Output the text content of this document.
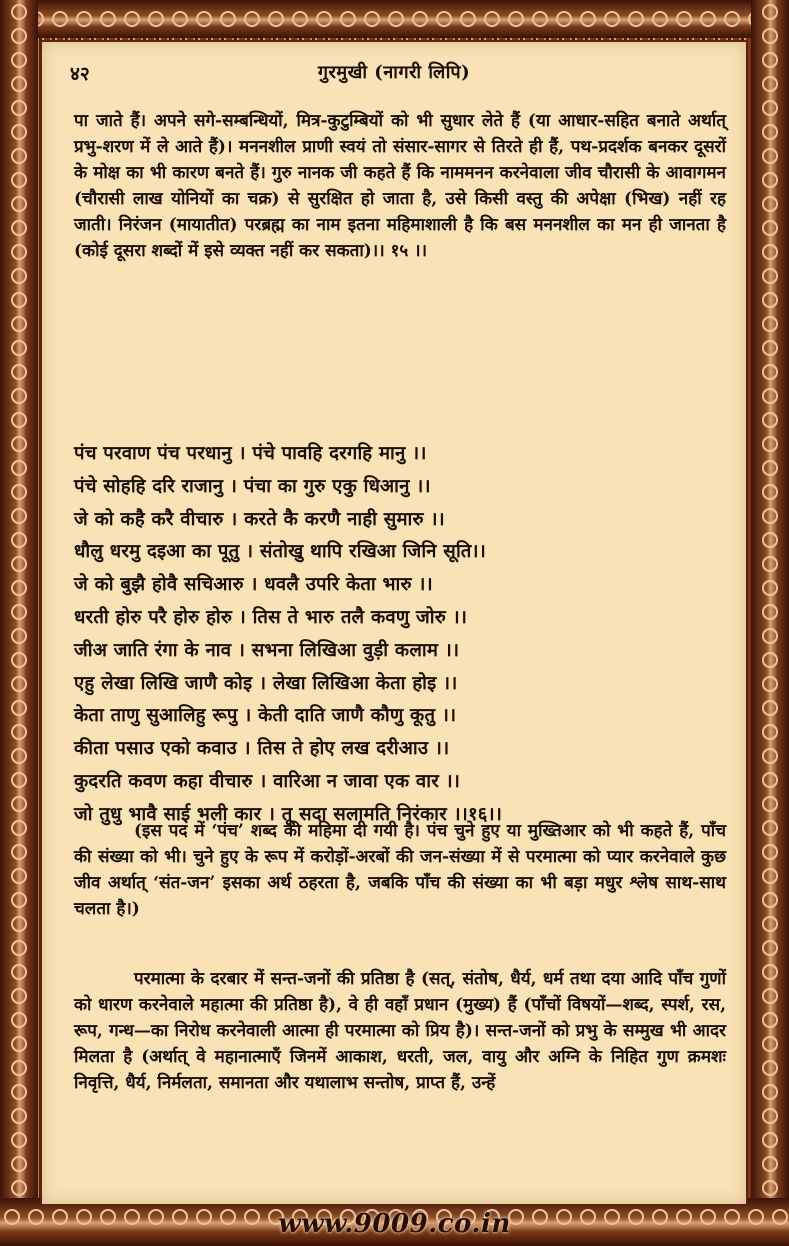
www.9009.co.in
४२	गुरमुखी (नागरी लिपि)
पा जाते हैं। अपने सगे-सम्बन्धियों, मित्र-कुटुम्बियों को भी सुधार लेते हैं (या आधार-सहित बनाते अर्थात् प्रभु-शरण में ले आते हैं)। मननशील प्राणी स्वयं तो संसार-सागर से तिरते ही हैं, पथ-प्रदर्शक बनकर दूसरों के मोक्ष का भी कारण बनते हैं। गुरु नानक जी कहते हैं कि नाममनन करनेवाला जीव चौरासी के आवागमन (चौरासी लाख योनियों का चक्र) से सुरक्षित हो जाता है, उसे किसी वस्तु की अपेक्षा (भिख) नहीं रह जाती। निरंजन (मायातीत) परब्रह्म का नाम इतना महिमाशाली है कि बस मननशील का मन ही जानता है (कोई दूसरा शब्दों में इसे व्यक्त नहीं कर सकता)।। १५ ।।
पंच परवाण पंच परधानु । पंचे पावहि दरगहि मानु ।।
पंचे सोहहि दरि राजानु । पंचा का गुरु एकु धिआनु ।।
जे को कहै करै वीचारु । करते कै करणै नाही सुमारु ।।
धौलु धरमु दइआ का पूतु । संतोखु थापि रखिआ जिनि सूति।।
जे को बुझै होवै सचिआरु । धवलै उपरि केता भारु ।।
धरती होरु परै होरु होरु । तिस ते भारु तलै कवणु जोरु ।।
जीअ जाति रंगा के नाव । सभना लिखिआ वुड़ी कलाम ।।
एहु लेखा लिखि जाणै कोइ । लेखा लिखिआ केता होइ ।।
केता ताणु सुआलिहु रूपु । केती दाति जाणै कौणु कूतु ।।
कीता पसाउ एको कवाउ । तिस ते होए लख दरीआउ ।।
कुदरति कवण कहा वीचारु । वारिआ न जावा एक वार ।।
जो तुधु भावै साई भली कार । तू सदा सलामति निरंकार ।।१६।।
(इस पद में ‘पंच’ शब्द की महिमा दी गयी है। पंच चुने हुए या मुख्तिआर को भी कहते हैं, पाँच की संख्या को भी। चुने हुए के रूप में करोड़ों-अरबों की जन-संख्या में से परमात्मा को प्यार करनेवाले कुछ जीव अर्थात् ‘संत-जन’ इसका अर्थ ठहरता है, जबकि पाँच की संख्या का भी बड़ा मधुर श्लेष साथ-साथ चलता है।)
परमात्मा के दरबार में सन्त-जनों की प्रतिष्ठा है (सत्, संतोष, धैर्य, धर्म तथा दया आदि पाँच गुणों को धारण करनेवाले महात्मा की प्रतिष्ठा है), वे ही वहाँ प्रधान (मुख्य) हैं (पाँचों विषयों—शब्द, स्पर्श, रस, रूप, गन्ध—का निरोध करनेवाली आत्मा ही परमात्मा को प्रिय है)। सन्त-जनों को प्रभु के सम्मुख भी आदर मिलता है (अर्थात् वे महानात्माएँ जिनमें आकाश, धरती, जल, वायु और अग्नि के निहित गुण क्रमशः निवृत्ति, धैर्य, निर्मलता, समानता और यथालाभ सन्तोष, प्राप्त हैं, उन्हें
